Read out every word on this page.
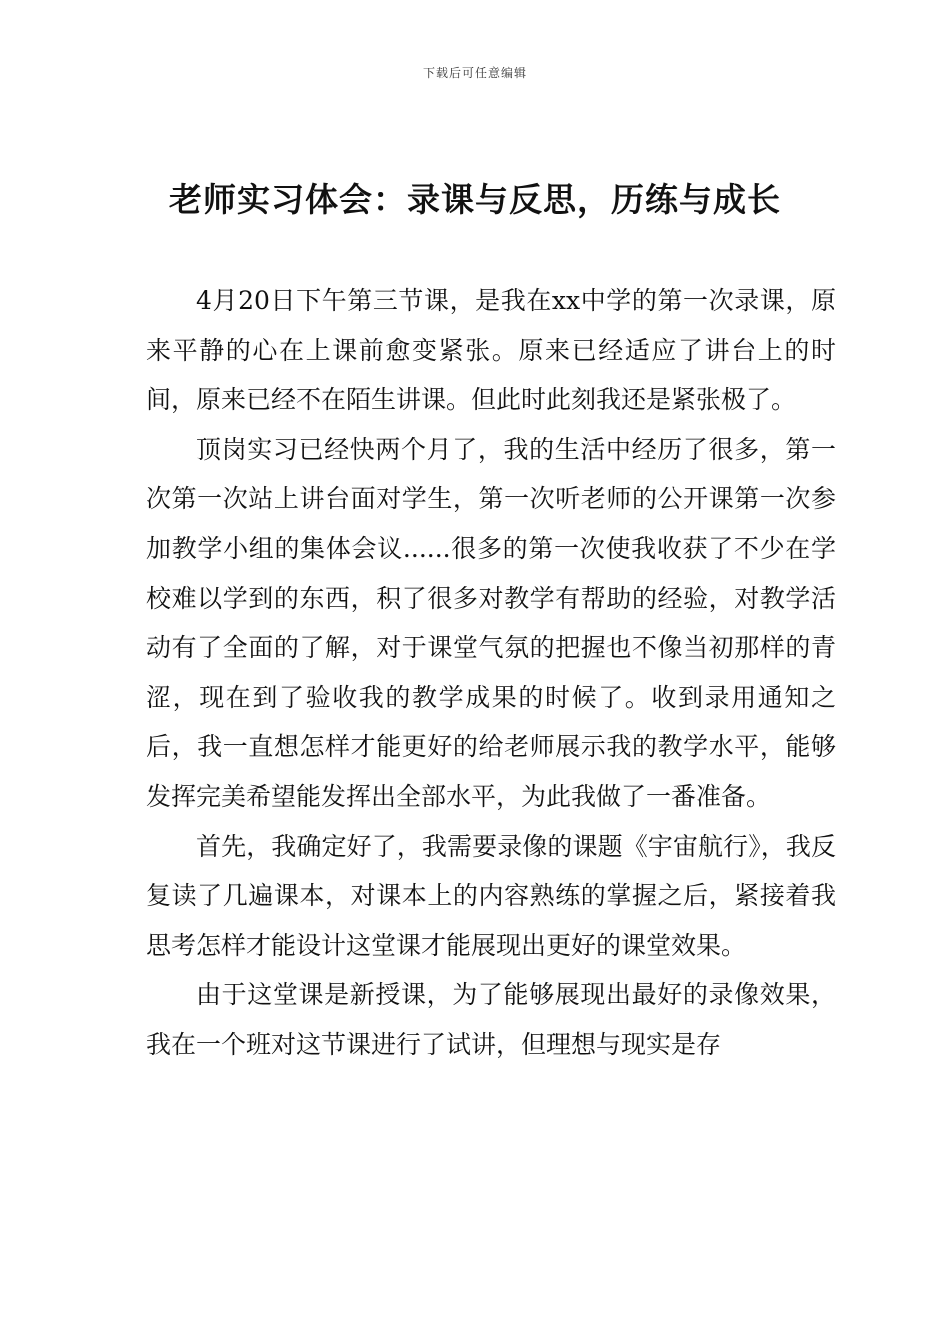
下载后可任意编辑
老师实习体会：录课与反思，历练与成长

4月20日下午第三节课，是我在xx中学的第一次录课，原来平静的心在上课前愈变紧张。原来已经适应了讲台上的时间，原来已经不在陌生讲课。但此时此刻我还是紧张极了。

顶岗实习已经快两个月了，我的生活中经历了很多，第一次第一次站上讲台面对学生，第一次听老师的公开课第一次参加教学小组的集体会议......很多的第一次使我收获了不少在学校难以学到的东西，积了很多对教学有帮助的经验，对教学活动有了全面的了解，对于课堂气氛的把握也不像当初那样的青涩，现在到了验收我的教学成果的时候了。收到录用通知之后，我一直想怎样才能更好的给老师展示我的教学水平，能够发挥完美希望能发挥出全部水平，为此我做了一番准备。

首先，我确定好了，我需要录像的课题《宇宙航行》，我反复读了几遍课本，对课本上的内容熟练的掌握之后，紧接着我思考怎样才能设计这堂课才能展现出更好的课堂效果。

由于这堂课是新授课，为了能够展现出最好的录像效果，我在一个班对这节课进行了试讲，但理想与现实是存
